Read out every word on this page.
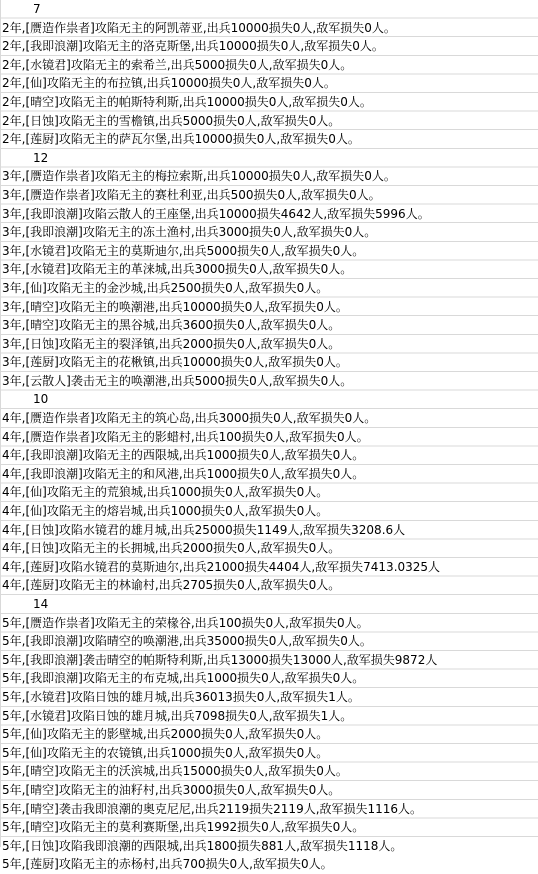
7
2年,[赝造作祟者]攻陷无主的阿凯蒂亚,出兵10000损失0人,敌军损失0人。
2年,[我即浪潮]攻陷无主的洛克斯堡,出兵10000损失0人,敌军损失0人。
2年,[水镜君]攻陷无主的索希兰,出兵5000损失0人,敌军损失0人。
2年,[仙]攻陷无主的布拉镇,出兵10000损失0人,敌军损失0人。
2年,[晴空]攻陷无主的帕斯特利斯,出兵10000损失0人,敌军损失0人。
2年,[日蚀]攻陷无主的雪檐镇,出兵5000损失0人,敌军损失0人。
2年,[莲厨]攻陷无主的萨瓦尔堡,出兵10000损失0人,敌军损失0人。
12
3年,[赝造作祟者]攻陷无主的梅拉索斯,出兵10000损失0人,敌军损失0人。
3年,[赝造作祟者]攻陷无主的赛杜利亚,出兵500损失0人,敌军损失0人。
3年,[我即浪潮]攻陷云散人的王座堡,出兵10000损失4642人,敌军损失5996人。
3年,[我即浪潮]攻陷无主的冻土渔村,出兵3000损失0人,敌军损失0人。
3年,[水镜君]攻陷无主的莫斯迪尔,出兵5000损失0人,敌军损失0人。
3年,[水镜君]攻陷无主的革涞城,出兵3000损失0人,敌军损失0人。
3年,[仙]攻陷无主的金沙城,出兵2500损失0人,敌军损失0人。
3年,[晴空]攻陷无主的唤潮港,出兵10000损失0人,敌军损失0人。
3年,[晴空]攻陷无主的黑谷城,出兵3600损失0人,敌军损失0人。
3年,[日蚀]攻陷无主的裂泽镇,出兵2000损失0人,敌军损失0人。
3年,[莲厨]攻陷无主的花楸镇,出兵10000损失0人,敌军损失0人。
3年,[云散人]袭击无主的唤潮港,出兵5000损失0人,敌军损失0人。
10
4年,[赝造作祟者]攻陷无主的筑心岛,出兵3000损失0人,敌军损失0人。
4年,[赝造作祟者]攻陷无主的影蜡村,出兵100损失0人,敌军损失0人。
4年,[我即浪潮]攻陷无主的西限城,出兵1000损失0人,敌军损失0人。
4年,[我即浪潮]攻陷无主的和风港,出兵1000损失0人,敌军损失0人。
4年,[仙]攻陷无主的荒狼城,出兵1000损失0人,敌军损失0人。
4年,[仙]攻陷无主的熔岩城,出兵1000损失0人,敌军损失0人。
4年,[日蚀]攻陷水镜君的雄月城,出兵25000损失1149人,敌军损失3208.6人
4年,[日蚀]攻陷无主的长拥城,出兵2000损失0人,敌军损失0人。
4年,[莲厨]攻陷水镜君的莫斯迪尔,出兵21000损失4404人,敌军损失7413.0325人
4年,[莲厨]攻陷无主的林谕村,出兵2705损失0人,敌军损失0人。
14
5年,[赝造作祟者]攻陷无主的荣椽谷,出兵100损失0人,敌军损失0人。
5年,[我即浪潮]攻陷晴空的唤潮港,出兵35000损失0人,敌军损失0人。
5年,[我即浪潮]袭击晴空的帕斯特利斯,出兵13000损失13000人,敌军损失9872人
5年,[我即浪潮]攻陷无主的布克城,出兵1000损失0人,敌军损失0人。
5年,[水镜君]攻陷日蚀的雄月城,出兵36013损失0人,敌军损失1人。
5年,[水镜君]攻陷日蚀的雄月城,出兵7098损失0人,敌军损失1人。
5年,[仙]攻陷无主的影壁城,出兵2000损失0人,敌军损失0人。
5年,[仙]攻陷无主的农镜镇,出兵1000损失0人,敌军损失0人。
5年,[晴空]攻陷无主的沃滨城,出兵15000损失0人,敌军损失0人。
5年,[晴空]攻陷无主的油籽村,出兵3000损失0人,敌军损失0人。
5年,[晴空]袭击我即浪潮的奥克尼尼,出兵2119损失2119人,敌军损失1116人。
5年,[晴空]攻陷无主的莫利赛斯堡,出兵1992损失0人,敌军损失0人。
5年,[日蚀]攻陷我即浪潮的西限城,出兵1800损失881人,敌军损失1118人。
5年,[莲厨]攻陷无主的赤杨村,出兵700损失0人,敌军损失0人。
